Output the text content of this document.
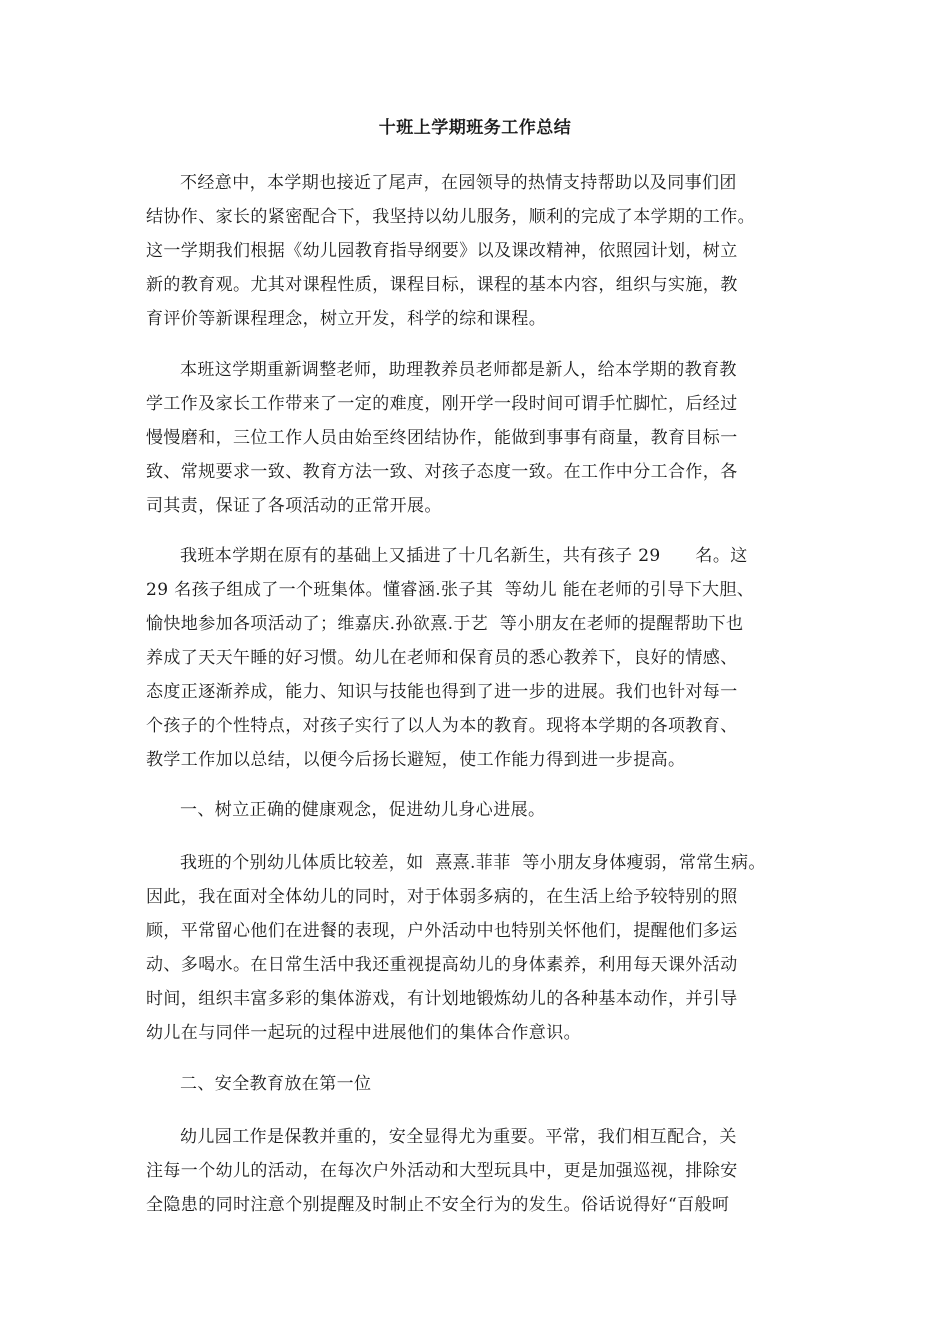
十班上学期班务工作总结
不经意中，本学期也接近了尾声，在园领导的热情支持帮助以及同事们团
结协作、家长的紧密配合下，我坚持以幼儿服务，顺利的完成了本学期的工作。
这一学期我们根据《幼儿园教育指导纲要》以及课改精神，依照园计划，树立
新的教育观。尤其对课程性质，课程目标，课程的基本内容，组织与实施，教
育评价等新课程理念，树立开发，科学的综和课程。
本班这学期重新调整老师，助理教养员老师都是新人，给本学期的教育教
学工作及家长工作带来了一定的难度，刚开学一段时间可谓手忙脚忙，后经过
慢慢磨和，三位工作人员由始至终团结协作，能做到事事有商量，教育目标一
致、常规要求一致、教育方法一致、对孩子态度一致。在工作中分工合作，各
司其责，保证了各项活动的正常开展。
我班本学期在原有的基础上又插进了十几名新生，共有孩子 29　　名。这
29 名孩子组成了一个班集体。懂睿涵.张子其  等幼儿 能在老师的引导下大胆、
愉快地参加各项活动了；维嘉庆.孙欲熹.于艺  等小朋友在老师的提醒帮助下也
养成了天天午睡的好习惯。幼儿在老师和保育员的悉心教养下，良好的情感、
态度正逐渐养成，能力、知识与技能也得到了进一步的进展。我们也针对每一
个孩子的个性特点，对孩子实行了以人为本的教育。现将本学期的各项教育、
教学工作加以总结，以便今后扬长避短，使工作能力得到进一步提高。
一、树立正确的健康观念，促进幼儿身心进展。
我班的个别幼儿体质比较差，如  熹熹.菲菲  等小朋友身体瘦弱，常常生病。
因此，我在面对全体幼儿的同时，对于体弱多病的，在生活上给予较特别的照
顾，平常留心他们在进餐的表现，户外活动中也特别关怀他们，提醒他们多运
动、多喝水。在日常生活中我还重视提高幼儿的身体素养，利用每天课外活动
时间，组织丰富多彩的集体游戏，有计划地锻炼幼儿的各种基本动作，并引导
幼儿在与同伴一起玩的过程中进展他们的集体合作意识。
二、安全教育放在第一位
幼儿园工作是保教并重的，安全显得尤为重要。平常，我们相互配合，关
注每一个幼儿的活动，在每次户外活动和大型玩具中，更是加强巡视，排除安
全隐患的同时注意个别提醒及时制止不安全行为的发生。俗话说得好“百般呵
